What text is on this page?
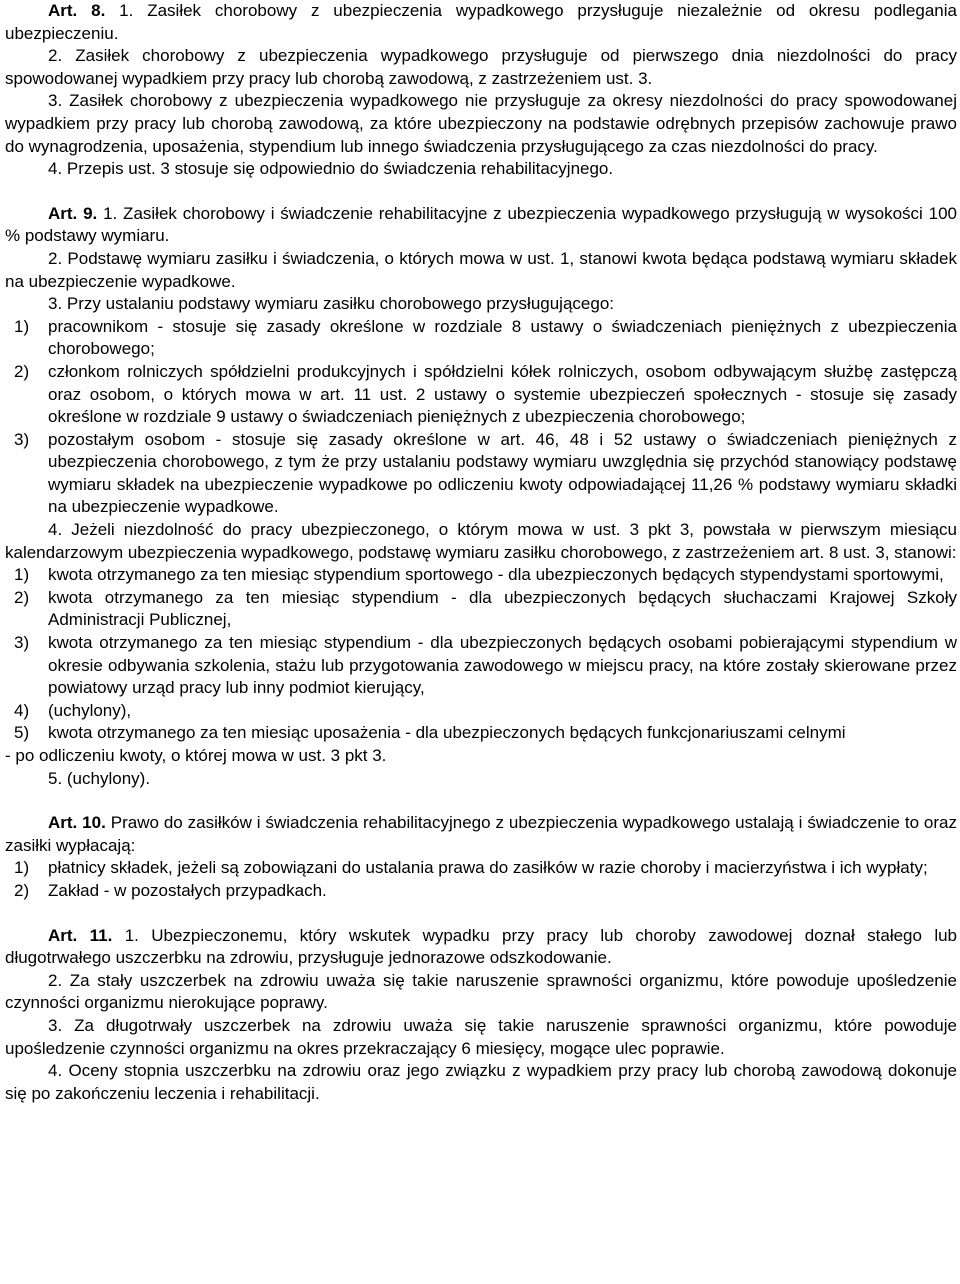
Art. 8. 1. Zasiłek chorobowy z ubezpieczenia wypadkowego przysługuje niezależnie od okresu podlegania ubezpieczeniu.

2. Zasiłek chorobowy z ubezpieczenia wypadkowego przysługuje od pierwszego dnia niezdolności do pracy spowodowanej wypadkiem przy pracy lub chorobą zawodową, z zastrzeżeniem ust. 3.

3. Zasiłek chorobowy z ubezpieczenia wypadkowego nie przysługuje za okresy niezdolności do pracy spowodowanej wypadkiem przy pracy lub chorobą zawodową, za które ubezpieczony na podstawie odrębnych przepisów zachowuje prawo do wynagrodzenia, uposażenia, stypendium lub innego świadczenia przysługującego za czas niezdolności do pracy.

4. Przepis ust. 3 stosuje się odpowiednio do świadczenia rehabilitacyjnego.

Art. 9. 1. Zasiłek chorobowy i świadczenie rehabilitacyjne z ubezpieczenia wypadkowego przysługują w wysokości 100 % podstawy wymiaru.

2. Podstawę wymiaru zasiłku i świadczenia, o których mowa w ust. 1, stanowi kwota będąca podstawą wymiaru składek na ubezpieczenie wypadkowe.

3. Przy ustalaniu podstawy wymiaru zasiłku chorobowego przysługującego:

1) pracownikom - stosuje się zasady określone w rozdziale 8 ustawy o świadczeniach pieniężnych z ubezpieczenia chorobowego;
2) członkom rolniczych spółdzielni produkcyjnych i spółdzielni kółek rolniczych, osobom odbywającym służbę zastępczą oraz osobom, o których mowa w art. 11 ust. 2 ustawy o systemie ubezpieczeń społecznych - stosuje się zasady określone w rozdziale 9 ustawy o świadczeniach pieniężnych z ubezpieczenia chorobowego;
3) pozostałym osobom - stosuje się zasady określone w art. 46, 48 i 52 ustawy o świadczeniach pieniężnych z ubezpieczenia chorobowego, z tym że przy ustalaniu podstawy wymiaru uwzględnia się przychód stanowiący podstawę wymiaru składek na ubezpieczenie wypadkowe po odliczeniu kwoty odpowiadającej 11,26 % podstawy wymiaru składki na ubezpieczenie wypadkowe.

4. Jeżeli niezdolność do pracy ubezpieczonego, o którym mowa w ust. 3 pkt 3, powstała w pierwszym miesiącu kalendarzowym ubezpieczenia wypadkowego, podstawę wymiaru zasiłku chorobowego, z zastrzeżeniem art. 8 ust. 3, stanowi:

1) kwota otrzymanego za ten miesiąc stypendium sportowego - dla ubezpieczonych będących stypendystami sportowymi,
2) kwota otrzymanego za ten miesiąc stypendium - dla ubezpieczonych będących słuchaczami Krajowej Szkoły Administracji Publicznej,
3) kwota otrzymanego za ten miesiąc stypendium - dla ubezpieczonych będących osobami pobierającymi stypendium w okresie odbywania szkolenia, stażu lub przygotowania zawodowego w miejscu pracy, na które zostały skierowane przez powiatowy urząd pracy lub inny podmiot kierujący,
4) (uchylony),
5) kwota otrzymanego za ten miesiąc uposażenia - dla ubezpieczonych będących funkcjonariuszami celnymi

- po odliczeniu kwoty, o której mowa w ust. 3 pkt 3.

5. (uchylony).

Art. 10. Prawo do zasiłków i świadczenia rehabilitacyjnego z ubezpieczenia wypadkowego ustalają i świadczenie to oraz zasiłki wypłacają:

1) płatnicy składek, jeżeli są zobowiązani do ustalania prawa do zasiłków w razie choroby i macierzyństwa i ich wypłaty;
2) Zakład - w pozostałych przypadkach.

Art. 11. 1. Ubezpieczonemu, który wskutek wypadku przy pracy lub choroby zawodowej doznał stałego lub długotrwałego uszczerbku na zdrowiu, przysługuje jednorazowe odszkodowanie.

2. Za stały uszczerbek na zdrowiu uważa się takie naruszenie sprawności organizmu, które powoduje upośledzenie czynności organizmu nierokujące poprawy.

3. Za długotrwały uszczerbek na zdrowiu uważa się takie naruszenie sprawności organizmu, które powoduje upośledzenie czynności organizmu na okres przekraczający 6 miesięcy, mogące ulec poprawie.

4. Oceny stopnia uszczerbku na zdrowiu oraz jego związku z wypadkiem przy pracy lub chorobą zawodową dokonuje się po zakończeniu leczenia i rehabilitacji.
